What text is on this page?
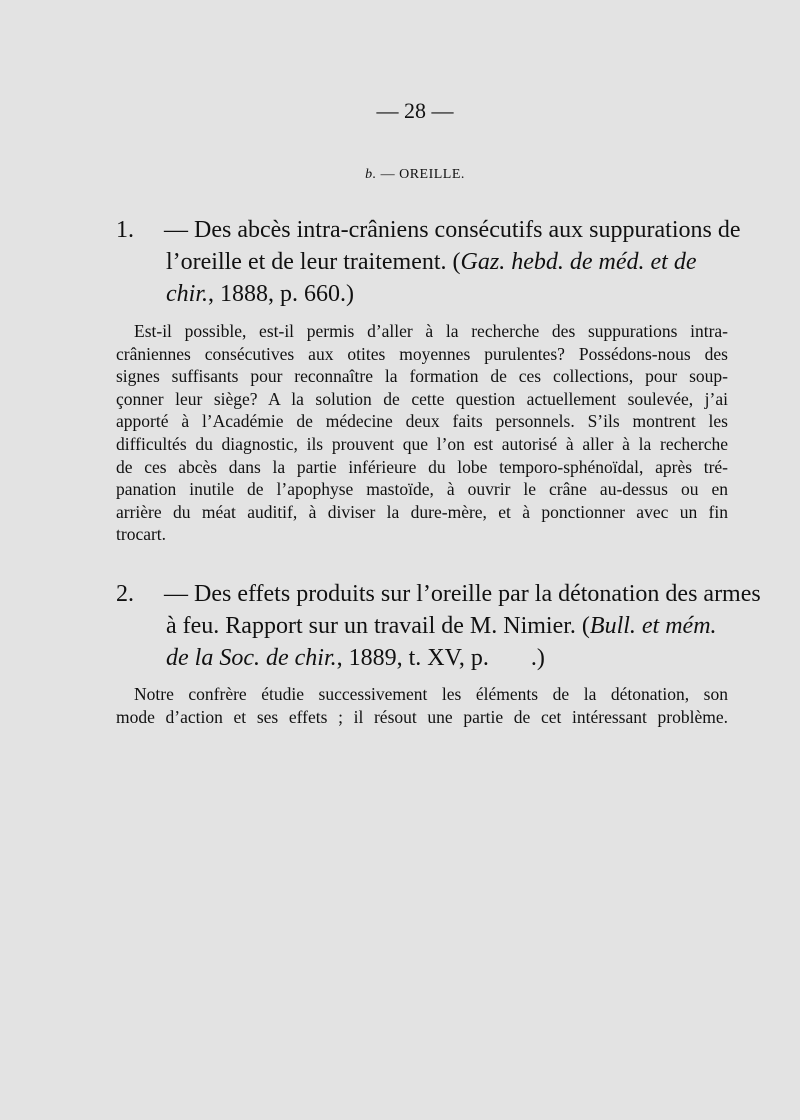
— 28 —
b. — OREILLE.
1. — Des abcès intra-crâniens consécutifs aux suppurations de
l’oreille et de leur traitement. (Gaz. hebd. de méd. et de
chir., 1888, p. 660.)
Est-il possible, est-il permis d’aller à la recherche des suppurations intra-
crâniennes consécutives aux otites moyennes purulentes? Possédons-nous des
signes suffisants pour reconnaître la formation de ces collections, pour soup-
çonner leur siège? A la solution de cette question actuellement soulevée, j’ai
apporté à l’Académie de médecine deux faits personnels. S’ils montrent les
difficultés du diagnostic, ils prouvent que l’on est autorisé à aller à la recherche
de ces abcès dans la partie inférieure du lobe temporo-sphénoïdal, après tré-
panation inutile de l’apophyse mastoïde, à ouvrir le crâne au-dessus ou en
arrière du méat auditif, à diviser la dure-mère, et à ponctionner avec un fin
trocart.
2. — Des effets produits sur l’oreille par la détonation des armes
à feu. Rapport sur un travail de M. Nimier. (Bull. et mém.
de la Soc. de chir., 1889, t. XV, p.       .)
Notre confrère étudie successivement les éléments de la détonation, son
mode d’action et ses effets ; il résout une partie de cet intéressant problème.
